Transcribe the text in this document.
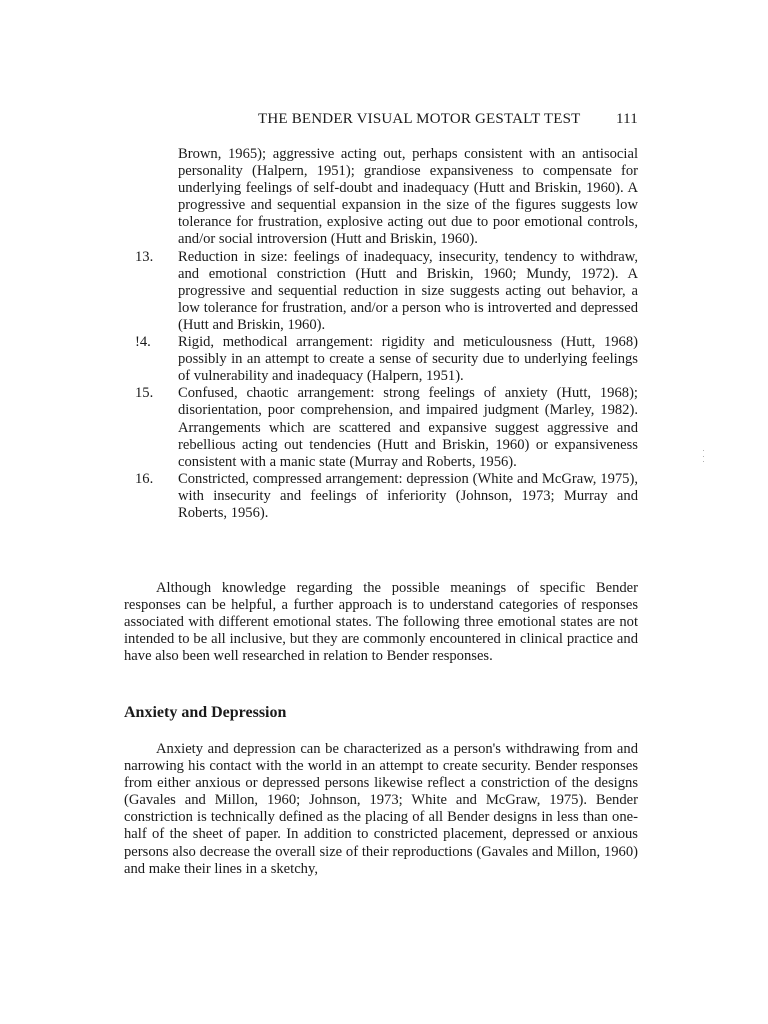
THE BENDER VISUAL MOTOR GESTALT TEST 111
Brown, 1965); aggressive acting out, perhaps consistent with an antisocial personality (Halpern, 1951); grandiose expansiveness to compensate for underlying feelings of self-doubt and inadequacy (Hutt and Briskin, 1960). A progressive and sequential expansion in the size of the figures suggests low tolerance for frustration, explosive acting out due to poor emotional controls, and/or social introversion (Hutt and Briskin, 1960).
13. Reduction in size: feelings of inadequacy, insecurity, tendency to withdraw, and emotional constriction (Hutt and Briskin, 1960; Mundy, 1972). A progressive and sequential reduction in size suggests acting out behavior, a low tolerance for frustration, and/or a person who is introverted and depressed (Hutt and Briskin, 1960).
!4. Rigid, methodical arrangement: rigidity and meticulousness (Hutt, 1968) possibly in an attempt to create a sense of security due to underlying feelings of vulnerability and inadequacy (Halpern, 1951).
15. Confused, chaotic arrangement: strong feelings of anxiety (Hutt, 1968); disorientation, poor comprehension, and impaired judgment (Marley, 1982). Arrangements which are scattered and expansive suggest aggressive and rebellious acting out tendencies (Hutt and Briskin, 1960) or expansiveness consistent with a manic state (Murray and Roberts, 1956).
16. Constricted, compressed arrangement: depression (White and McGraw, 1975), with insecurity and feelings of inferiority (Johnson, 1973; Murray and Roberts, 1956).

Although knowledge regarding the possible meanings of specific Bender responses can be helpful, a further approach is to understand categories of responses associated with different emotional states. The following three emotional states are not intended to be all inclusive, but they are commonly encountered in clinical practice and have also been well researched in relation to Bender responses.

Anxiety and Depression

Anxiety and depression can be characterized as a person's withdrawing from and narrowing his contact with the world in an attempt to create security. Bender responses from either anxious or depressed persons likewise reflect a constriction of the designs (Gavales and Millon, 1960; Johnson, 1973; White and McGraw, 1975). Bender constriction is technically defined as the placing of all Bender designs in less than one-half of the sheet of paper. In addition to constricted placement, depressed or anxious persons also decrease the overall size of their reproductions (Gavales and Millon, 1960) and make their lines in a sketchy,
